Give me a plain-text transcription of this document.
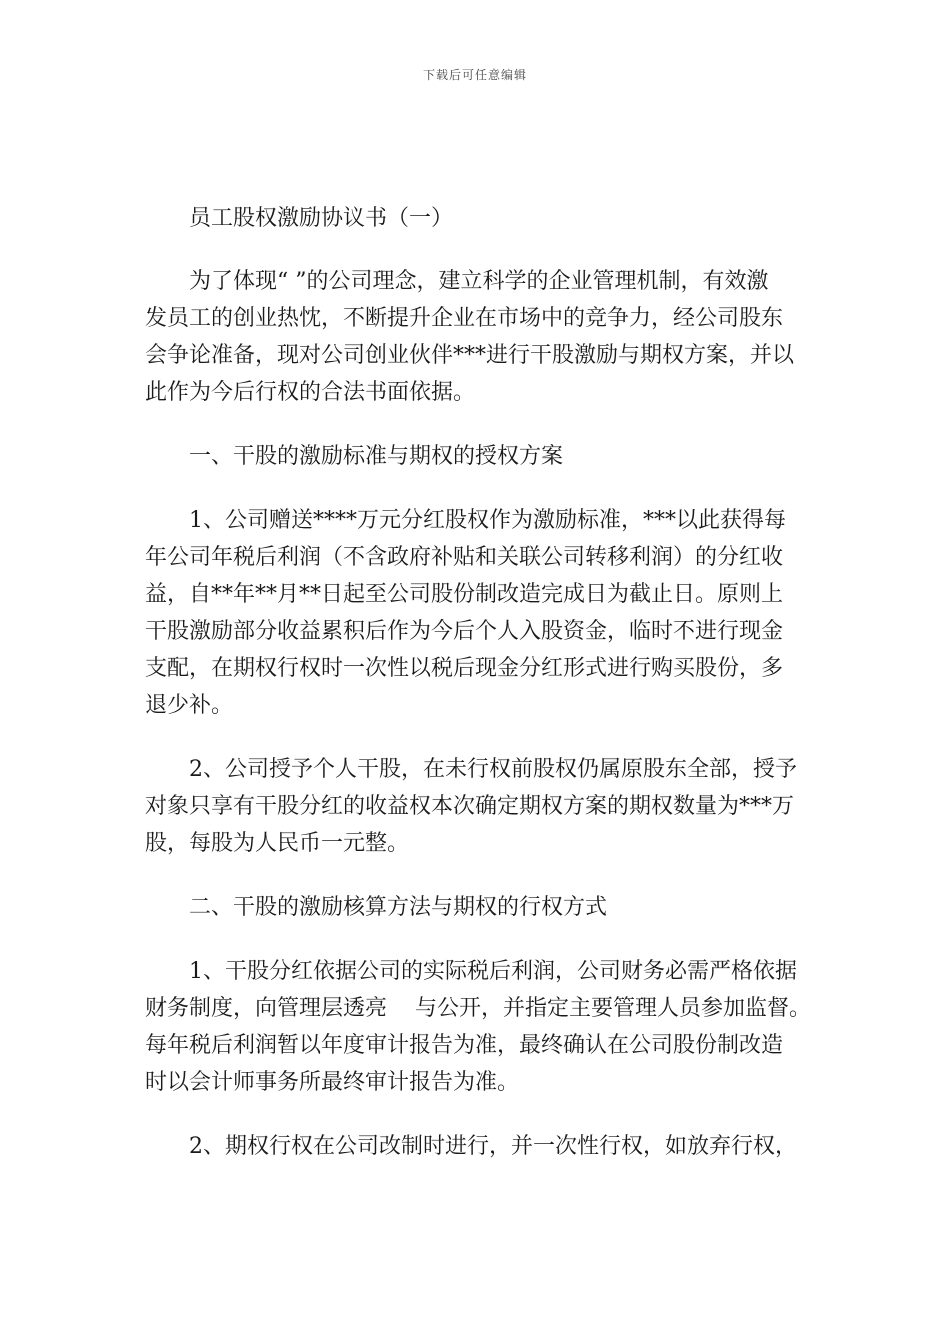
下载后可任意编辑

员工股权激励协议书（一）

为了体现“ ”的公司理念，建立科学的企业管理机制，有效激
发员工的创业热忱，不断提升企业在市场中的竞争力，经公司股东
会争论准备，现对公司创业伙伴***进行干股激励与期权方案，并以
此作为今后行权的合法书面依据。

一、干股的激励标准与期权的授权方案

1、公司赠送****万元分红股权作为激励标准，***以此获得每
年公司年税后利润（不含政府补贴和关联公司转移利润）的分红收
益，自**年**月**日起至公司股份制改造完成日为截止日。原则上
干股激励部分收益累积后作为今后个人入股资金，临时不进行现金
支配，在期权行权时一次性以税后现金分红形式进行购买股份，多
退少补。

2、公司授予个人干股，在未行权前股权仍属原股东全部，授予
对象只享有干股分红的收益权本次确定期权方案的期权数量为***万
股，每股为人民币一元整。

二、干股的激励核算方法与期权的行权方式

1、干股分红依据公司的实际税后利润，公司财务必需严格依据
财务制度，向管理层透亮    与公开，并指定主要管理人员参加监督。
每年税后利润暂以年度审计报告为准，最终确认在公司股份制改造
时以会计师事务所最终审计报告为准。

2、期权行权在公司改制时进行，并一次性行权，如放弃行权，
